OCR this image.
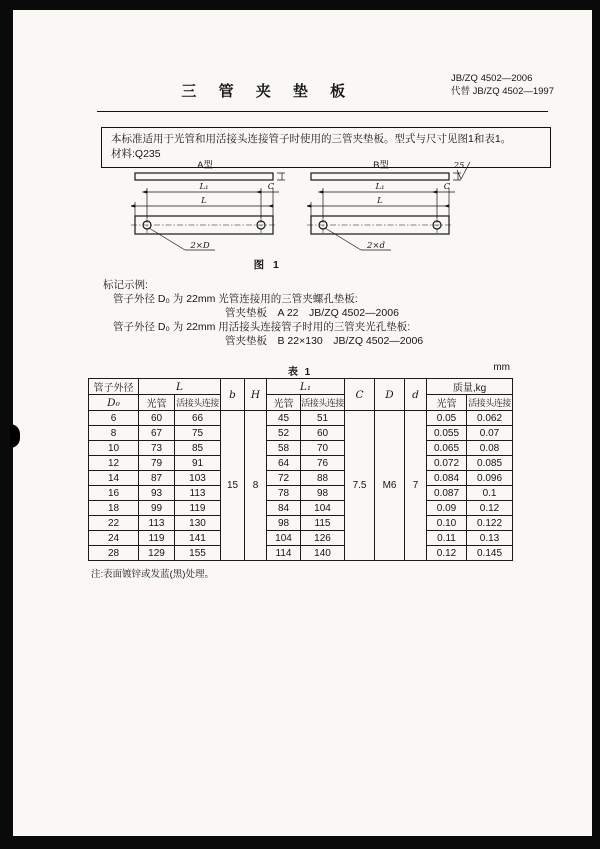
JB/ZQ 4502—2006
代替 JB/ZQ 4502—1997
三 管 夹 垫 板
本标准适用于光管和用活接头连接管子时使用的三管夹垫板。型式与尺寸见图1和表1。
材料:Q235
A型
L₁	C
L
2×D
B型	25
L₁	C
L
2×d
图 1
标记示例:
管子外径 D₀ 为 22mm 光管连接用的三管夹螺孔垫板:
管夹垫板　A 22　JB/ZQ 4502—2006
管子外径 D₀ 为 22mm 用活接头连接管子时用的三管夹光孔垫板:
管夹垫板　B 22×130　JB/ZQ 4502—2006
表 1	mm
管子外径	L		b	H	L₁		C	D	d	质量,kg	
D₀	光管	活接头连接			光管	活接头连接				光管	活接头连接
6	60	66	15	8	45	51	7.5	M6	7	0.05	0.062
8	67	75			52	60				0.055	0.07
10	73	85			58	70				0.065	0.08
12	79	91			64	76				0.072	0.085
14	87	103			72	88				0.084	0.096
16	93	113			78	98				0.087	0.1
18	99	119			84	104				0.09	0.12
22	113	130			98	115				0.10	0.122
24	119	141			104	126				0.11	0.13
28	129	155			114	140				0.12	0.145
注:表面镀锌或发蓝(黑)处理。
